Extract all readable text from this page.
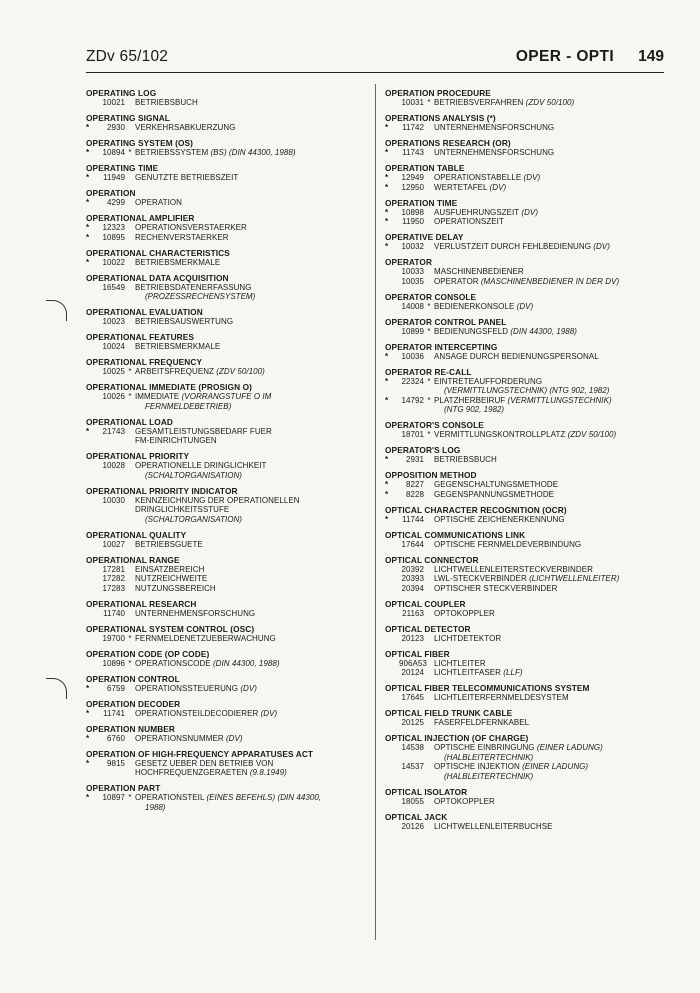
ZDv 65/102	OPER - OPTI 149
OPERATING LOG
10021 BETRIEBSBUCH
OPERATING SIGNAL
*	2930 VERKEHRSABKUERZUNG
OPERATING SYSTEM (OS)
*	10894 * BETRIEBSSYSTEM (BS) (DIN 44300, 1988)
OPERATING TIME
*	11949 GENUTZTE BETRIEBSZEIT
OPERATION
*	4299 OPERATION
OPERATIONAL AMPLIFIER
*	12323 OPERATIONSVERSTAERKER
*	10895 RECHENVERSTAERKER
OPERATIONAL CHARACTERISTICS
*	10022 BETRIEBSMERKMALE
OPERATIONAL DATA ACQUISITION
16549 BETRIEBSDATENERFASSUNG
(PROZESSRECHENSYSTEM)
OPERATIONAL EVALUATION
10023 BETRIEBSAUSWERTUNG
OPERATIONAL FEATURES
10024 BETRIEBSMERKMALE
OPERATIONAL FREQUENCY
10025 * ARBEITSFREQUENZ (ZDV 50/100)
OPERATIONAL IMMEDIATE (PROSIGN O)
10026 * IMMEDIATE (VORRANGSTUFE O IM
FERNMELDEBETRIEB)
OPERATIONAL LOAD
*	21743 GESAMTLEISTUNGSBEDARF FUER
FM-EINRICHTUNGEN
OPERATIONAL PRIORITY
10028 OPERATIONELLE DRINGLICHKEIT
(SCHALTORGANISATION)
OPERATIONAL PRIORITY INDICATOR
10030 KENNZEICHNUNG DER OPERATIONELLEN
DRINGLICHKEITSSTUFE
(SCHALTORGANISATION)
OPERATIONAL QUALITY
10027 BETRIEBSGUETE
OPERATIONAL RANGE
17281 EINSATZBEREICH
17282 NUTZREICHWEITE
17283 NUTZUNGSBEREICH
OPERATIONAL RESEARCH
11740 UNTERNEHMENSFORSCHUNG
OPERATIONAL SYSTEM CONTROL (OSC)
19700 * FERNMELDENETZUEBERWACHUNG
OPERATION CODE (OP CODE)
10896 * OPERATIONSCODE (DIN 44300, 1988)
OPERATION CONTROL
*	6759 OPERATIONSSTEUERUNG (DV)
OPERATION DECODER
*	11741 OPERATIONSTEILDECODIERER (DV)
OPERATION NUMBER
*	6760 OPERATIONSNUMMER (DV)
OPERATION OF HIGH-FREQUENCY APPARATUSES ACT
*	9815 GESETZ UEBER DEN BETRIEB VON
HOCHFREQUENZGERAETEN (9.8.1949)
OPERATION PART
*	10897 * OPERATIONSTEIL (EINES BEFEHLS) (DIN 44300,
1988)
OPERATION PROCEDURE
10031 * BETRIEBSVERFAHREN (ZDV 50/100)
OPERATIONS ANALYSIS (*)
*	11742 UNTERNEHMENSFORSCHUNG
OPERATIONS RESEARCH (OR)
*	11743 UNTERNEHMENSFORSCHUNG
OPERATION TABLE
*	12949 OPERATIONSTABELLE (DV)
*	12950 WERTETAFEL (DV)
OPERATION TIME
*	10898 AUSFUEHRUNGSZEIT (DV)
*	11950 OPERATIONSZEIT
OPERATIVE DELAY
*	10032 VERLUSTZEIT DURCH FEHLBEDIENUNG (DV)
OPERATOR
10033 MASCHINENBEDIENER
10035 OPERATOR (MASCHINENBEDIENER IN DER DV)
OPERATOR CONSOLE
14008 * BEDIENERKONSOLE (DV)
OPERATOR CONTROL PANEL
10899 * BEDIENUNGSFELD (DIN 44300, 1988)
OPERATOR INTERCEPTING
*	10036 ANSAGE DURCH BEDIENUNGSPERSONAL
OPERATOR RE-CALL
*	22324 * EINTRETEAUFFORDERUNG
(VERMITTLUNGSTECHNIK) (NTG 902, 1982)
*	14792 * PLATZHERBEIRUF (VERMITTLUNGSTECHNIK)
(NTG 902, 1982)
OPERATOR'S CONSOLE
18701 * VERMITTLUNGSKONTROLLPLATZ (ZDV 50/100)
OPERATOR'S LOG
*	2931 BETRIEBSBUCH
OPPOSITION METHOD
*	8227 GEGENSCHALTUNGSMETHODE
*	8228 GEGENSPANNUNGSMETHODE
OPTICAL CHARACTER RECOGNITION (OCR)
*	11744 OPTISCHE ZEICHENERKENNUNG
OPTICAL COMMUNICATIONS LINK
17644 OPTISCHE FERNMELDEVERBINDUNG
OPTICAL CONNECTOR
20392 LICHTWELLENLEITERSTECKVERBINDER
20393 LWL-STECKVERBINDER (LICHTWELLENLEITER)
20394 OPTISCHER STECKVERBINDER
OPTICAL COUPLER
21163 OPTOKOPPLER
OPTICAL DETECTOR
20123 LICHTDETEKTOR
OPTICAL FIBER
906A53 LICHTLEITER
20124 LICHTLEITFASER (LLF)
OPTICAL FIBER TELECOMMUNICATIONS SYSTEM
17645 LICHTLEITERFERNMELDESYSTEM
OPTICAL FIELD TRUNK CABLE
20125 FASERFELDFERNKABEL
OPTICAL INJECTION (OF CHARGE)
14538 OPTISCHE EINBRINGUNG (EINER LADUNG)
(HALBLEITERTECHNIK)
14537 OPTISCHE INJEKTION (EINER LADUNG)
(HALBLEITERTECHNIK)
OPTICAL ISOLATOR
18055 OPTOKOPPLER
OPTICAL JACK
20126 LICHTWELLENLEITERBUCHSE
